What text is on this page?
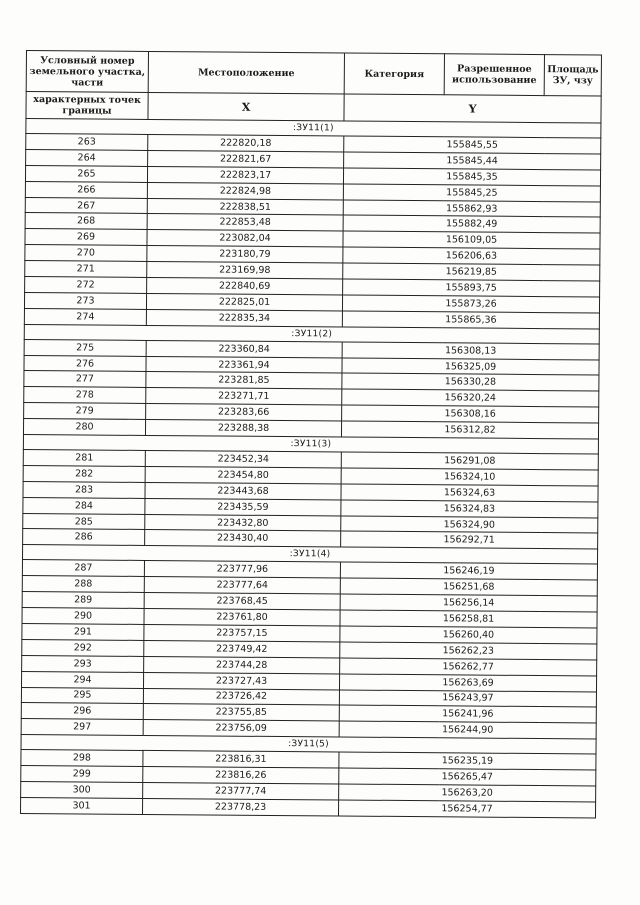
Условный номер земельного участка, части	Местоположение	Категория	Разрешенное использование	Площадь ЗУ, чзу
характерных точек границы	X	Y		
:ЗУ11(1)				
263	222820,18	155845,55		
264	222821,67	155845,44		
265	222823,17	155845,35		
266	222824,98	155845,25		
267	222838,51	155862,93		
268	222853,48	155882,49		
269	223082,04	156109,05		
270	223180,79	156206,63		
271	223169,98	156219,85		
272	222840,69	155893,75		
273	222825,01	155873,26		
274	222835,34	155865,36		
:ЗУ11(2)				
275	223360,84	156308,13		
276	223361,94	156325,09		
277	223281,85	156330,28		
278	223271,71	156320,24		
279	223283,66	156308,16		
280	223288,38	156312,82		
:ЗУ11(3)				
281	223452,34	156291,08		
282	223454,80	156324,10		
283	223443,68	156324,63		
284	223435,59	156324,83		
285	223432,80	156324,90		
286	223430,40	156292,71		
:ЗУ11(4)				
287	223777,96	156246,19		
288	223777,64	156251,68		
289	223768,45	156256,14		
290	223761,80	156258,81		
291	223757,15	156260,40		
292	223749,42	156262,23		
293	223744,28	156262,77		
294	223727,43	156263,69		
295	223726,42	156243,97		
296	223755,85	156241,96		
297	223756,09	156244,90		
:ЗУ11(5)				
298	223816,31	156235,19		
299	223816,26	156265,47		
300	223777,74	156263,20		
301	223778,23	156254,77		
